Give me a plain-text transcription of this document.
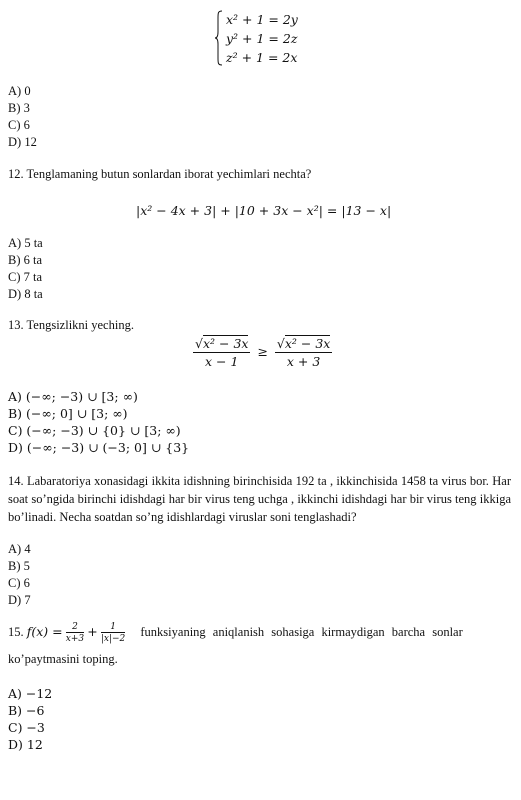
x² + 1 = 2y
y² + 1 = 2z
z² + 1 = 2x
A) 0
B) 3
C) 6
D) 12
12. Tenglamaning butun sonlardan iborat yechimlari nechta?
|x² − 4x + 3| + |10 + 3x − x²| = |13 − x|
A) 5 ta
B) 6 ta
C) 7 ta
D) 8 ta
13. Tengsizlikni yeching.
$\frac{\text{√x² − 3x}}{x - 1} \ge \frac{\text{√x² − 3x}}{x + 3}$
A) (−∞; −3) ∪ [3; ∞)
B) (−∞; 0] ∪ [3; ∞)
C) (−∞; −3) ∪ {0} ∪ [3; ∞)
D) (−∞; −3) ∪ (−3; 0] ∪ {3}
14. Labaratoriya xonasidagi ikkita idishning birinchisida 192 ta , ikkinchisida 1458 ta virus bor. Har soat so’ngida birinchi idishdagi har bir virus teng uchga , ikkinchi idishdagi har bir virus teng ikkiga bo’linadi. Necha soatdan so’ng idishlardagi viruslar soni tenglashadi?
A) 4
B) 5
C) 6
D) 7
15. $f(x) = \frac{2}{x+3} + \frac{1}{|x|-2}$ funksiyaning aniqlanish sohasiga kirmaydigan barcha sonlar
ko’paytmasini toping.
A) −12
B) −6
C) −3
D) 12
